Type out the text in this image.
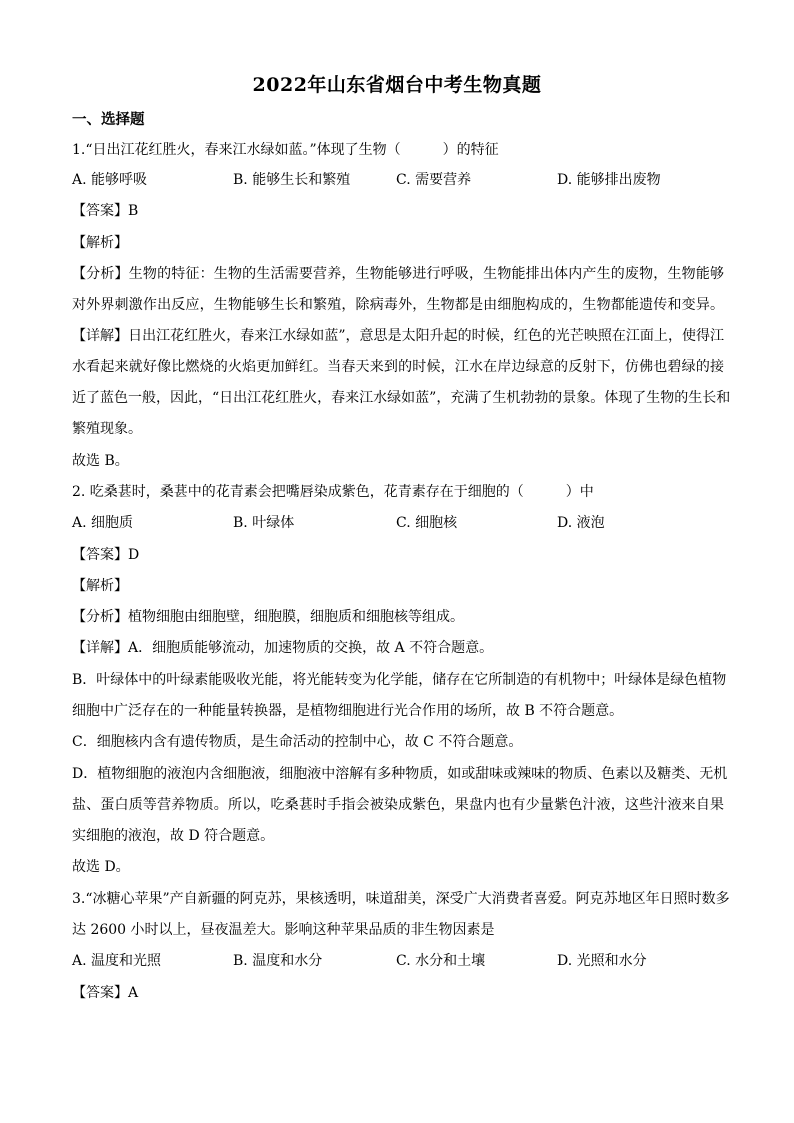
2022年山东省烟台中考生物真题
一、选择题
1.“日出江花红胜火，春来江水绿如蓝。”体现了生物（　　　）的特征
A. 能够呼吸	B. 能够生长和繁殖	C. 需要营养	D. 能够排出废物
【答案】B
【解析】
【分析】生物的特征：生物的生活需要营养，生物能够进行呼吸，生物能排出体内产生的废物，生物能够
对外界刺激作出反应，生物能够生长和繁殖，除病毒外，生物都是由细胞构成的，生物都能遗传和变异。
【详解】日出江花红胜火，春来江水绿如蓝”，意思是太阳升起的时候，红色的光芒映照在江面上，使得江
水看起来就好像比燃烧的火焰更加鲜红。当春天来到的时候，江水在岸边绿意的反射下，仿佛也碧绿的接
近了蓝色一般，因此，“日出江花红胜火，春来江水绿如蓝”，充满了生机勃勃的景象。体现了生物的生长和
繁殖现象。
故选 B。
2. 吃桑葚时，桑葚中的花青素会把嘴唇染成紫色，花青素存在于细胞的（　　　）中
A. 细胞质	B. 叶绿体	C. 细胞核	D. 液泡
【答案】D
【解析】
【分析】植物细胞由细胞壁，细胞膜，细胞质和细胞核等组成。
【详解】A．细胞质能够流动，加速物质的交换，故 A 不符合题意。
B．叶绿体中的叶绿素能吸收光能，将光能转变为化学能，储存在它所制造的有机物中；叶绿体是绿色植物
细胞中广泛存在的一种能量转换器，是植物细胞进行光合作用的场所，故 B 不符合题意。
C．细胞核内含有遗传物质，是生命活动的控制中心，故 C 不符合题意。
D．植物细胞的液泡内含细胞液，细胞液中溶解有多种物质，如或甜味或辣味的物质、色素以及糖类、无机
盐、蛋白质等营养物质。所以，吃桑葚时手指会被染成紫色，果盘内也有少量紫色汁液，这些汁液来自果
实细胞的液泡，故 D 符合题意。
故选 D。
3.“冰糖心苹果”产自新疆的阿克苏，果核透明，味道甜美，深受广大消费者喜爱。阿克苏地区年日照时数多
达 2600 小时以上，昼夜温差大。影响这种苹果品质的非生物因素是
A. 温度和光照	B. 温度和水分	C. 水分和土壤	D. 光照和水分
【答案】A
